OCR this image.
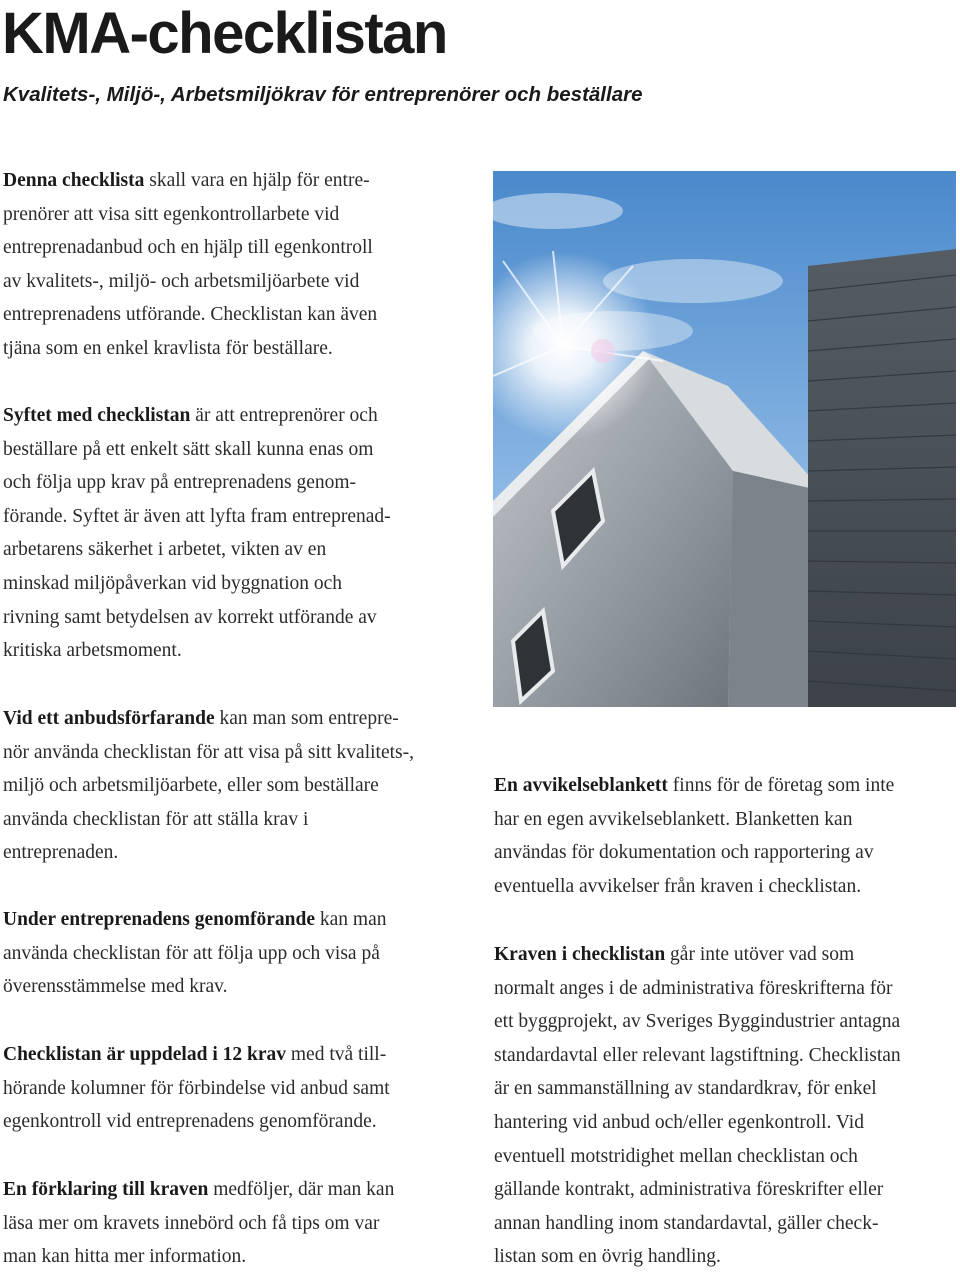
KMA-checklistan
Kvalitets-, Miljö-, Arbetsmiljökrav för entreprenörer och beställare
Denna checklista skall vara en hjälp för entre-
prenörer att visa sitt egenkontrollarbete vid
entreprenadanbud och en hjälp till egenkontroll
av kvalitets-, miljö- och arbetsmiljöarbete vid
entreprenadens utförande. Checklistan kan även
tjäna som en enkel kravlista för beställare.
Syftet med checklistan är att entreprenörer och
beställare på ett enkelt sätt skall kunna enas om
och följa upp krav på entreprenadens genom-
förande. Syftet är även att lyfta fram entreprenad-
arbetarens säkerhet i arbetet, vikten av en
minskad miljöpåverkan vid byggnation och
rivning samt betydelsen av korrekt utförande av
kritiska arbetsmoment.
Vid ett anbudsförfarande kan man som entrepre-
nör använda checklistan för att visa på sitt kvalitets-,
miljö och arbetsmiljöarbete, eller som beställare
använda checklistan för att ställa krav i
entreprenaden.
Under entreprenadens genomförande kan man
använda checklistan för att följa upp och visa på
överensstämmelse med krav.
Checklistan är uppdelad i 12 krav med två till-
hörande kolumner för förbindelse vid anbud samt
egenkontroll vid entreprenadens genomförande.
En förklaring till kraven medföljer, där man kan
läsa mer om kravets innebörd och få tips om var
man kan hitta mer information.
En avvikelseblankett finns för de företag som inte
har en egen avvikelseblankett. Blanketten kan
användas för dokumentation och rapportering av
eventuella avvikelser från kraven i checklistan.
Kraven i checklistan går inte utöver vad som
normalt anges i de administrativa föreskrifterna för
ett byggprojekt, av Sveriges Byggindustrier antagna
standardavtal eller relevant lagstiftning. Checklistan
är en sammanställning av standardkrav, för enkel
hantering vid anbud och/eller egenkontroll. Vid
eventuell motstridighet mellan checklistan och
gällande kontrakt, administrativa föreskrifter eller
annan handling inom standardavtal, gäller check-
listan som en övrig handling.
